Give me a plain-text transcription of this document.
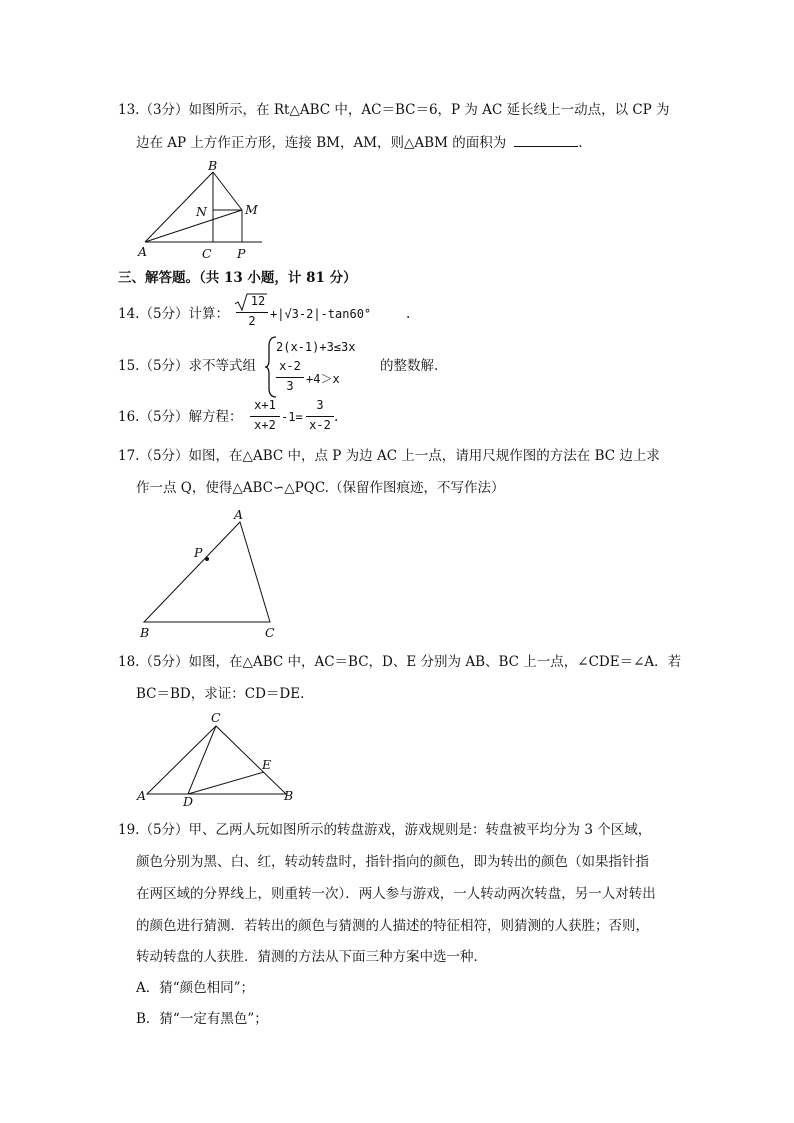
13.（3分）如图所示，在 Rt△ABC 中，AC＝BC＝6，P 为 AC 延长线上一动点，以 CP 为
边在 AP 上方作正方形，连接 BM，AM，则△ABM 的面积为	.
B
N	M
A	C P
三、解答题。（共 13 小题，计 81 分）
14.（5分）计算：
12
2	+|√3-2|-tan60°	.
15.（5分）求不等式组
2(x-1)+3≤3x
x-2
3	+4＞x
的整数解.
16.（5分）解方程：
x+1
x+2
-1=
3
x-2 .
17.（5分）如图，在△ABC 中，点 P 为边 AC 上一点，请用尺规作图的方法在 BC 边上求
作一点 Q，使得△ABC∽△PQC.（保留作图痕迹，不写作法）
A
P
B	C
18.（5分）如图，在△ABC 中，AC＝BC，D、E 分别为 AB、BC 上一点，∠CDE＝∠A．若
BC＝BD，求证：CD＝DE.
C
E
A	D	B
19.（5分）甲、乙两人玩如图所示的转盘游戏，游戏规则是：转盘被平均分为 3 个区域，
颜色分别为黑、白、红，转动转盘时，指针指向的颜色，即为转出的颜色（如果指针指
在两区域的分界线上，则重转一次）．两人参与游戏，一人转动两次转盘，另一人对转出
的颜色进行猜测．若转出的颜色与猜测的人描述的特征相符，则猜测的人获胜；否则，
转动转盘的人获胜．猜测的方法从下面三种方案中选一种．
A．猜“颜色相同”；
B．猜“一定有黑色”；
